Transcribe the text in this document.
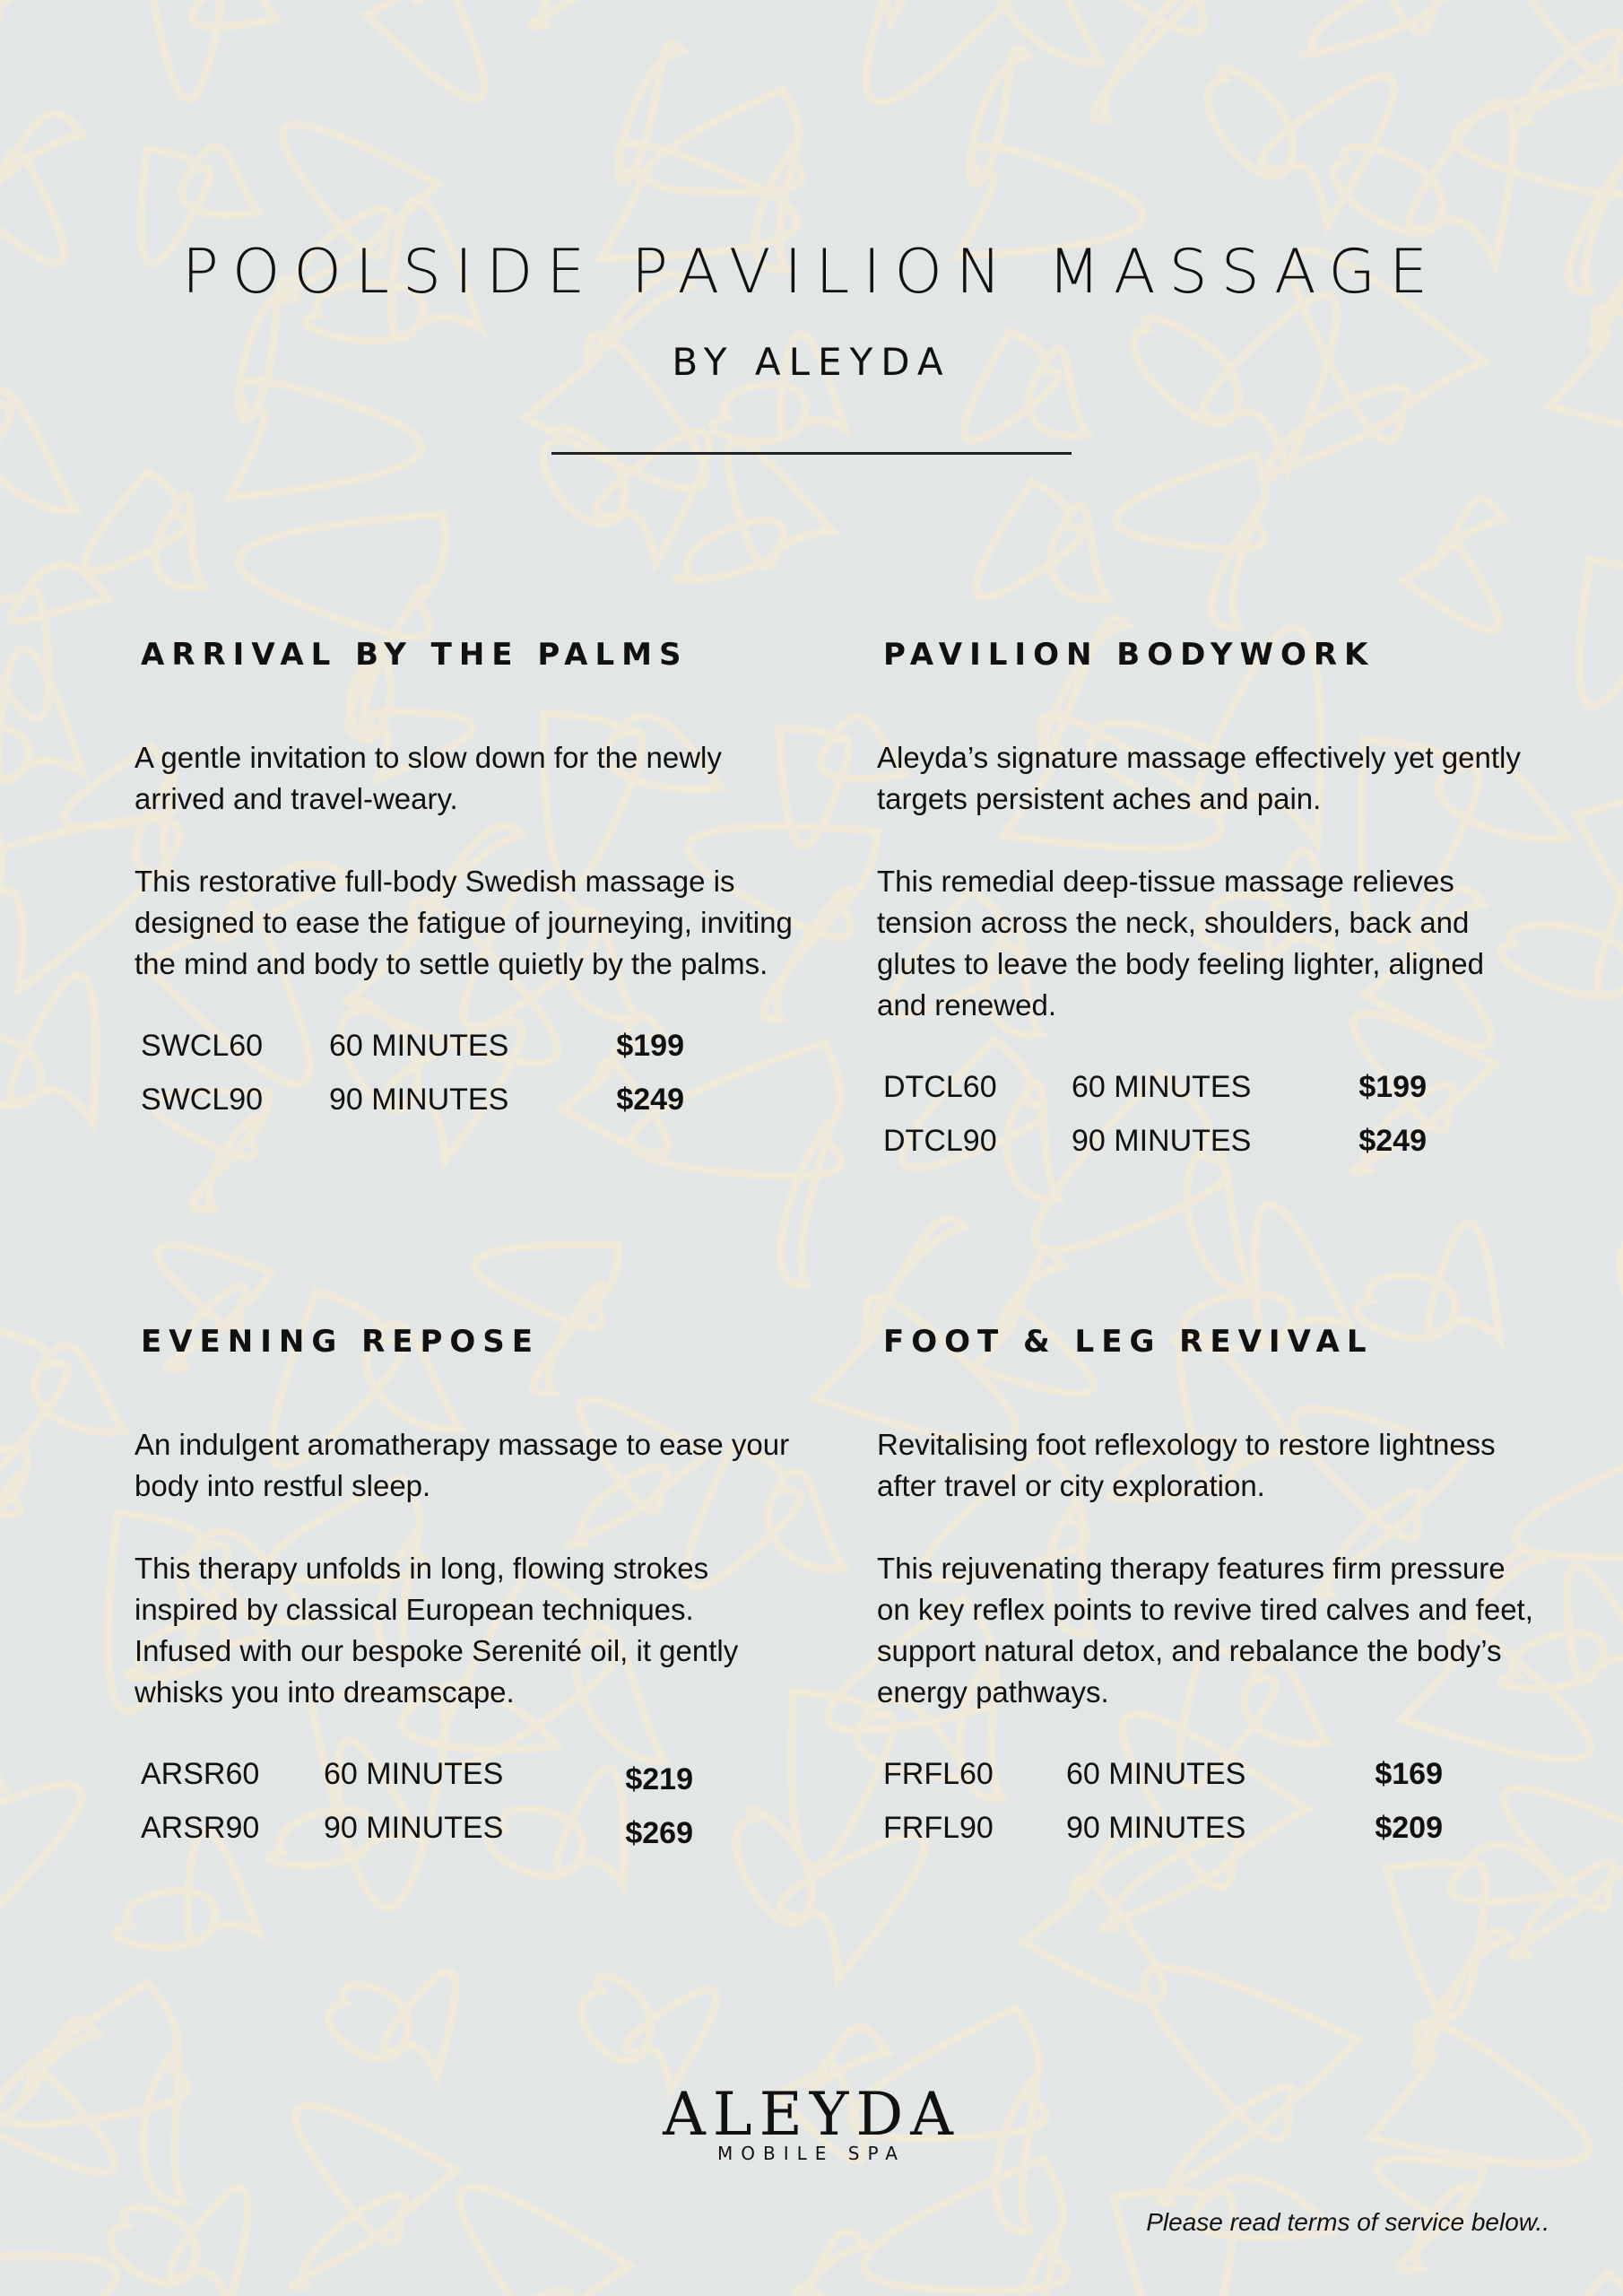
POOLSIDE PAVILION MASSAGE
BY ALEYDA
ARRIVAL BY THE PALMS

A gentle invitation to slow down for the newly arrived and travel-weary.

This restorative full-body Swedish massage is designed to ease the fatigue of journeying, inviting the mind and body to settle quietly by the palms.

SWCL60 60 MINUTES	$199
SWCL90 90 MINUTES	$249
PAVILION BODYWORK

Aleyda’s signature massage effectively yet gently targets persistent aches and pain.

This remedial deep-tissue massage relieves tension across the neck, shoulders, back and glutes to leave the body feeling lighter, aligned and renewed.

DTCL60 60 MINUTES	$199
DTCL90 90 MINUTES	$249
EVENING REPOSE

An indulgent aromatherapy massage to ease your body into restful sleep.

This therapy unfolds in long, flowing strokes inspired by classical European techniques. Infused with our bespoke Serenité oil, it gently whisks you into dreamscape.

ARSR60 60 MINUTES	$219
ARSR90 90 MINUTES	$269
FOOT & LEG REVIVAL

Revitalising foot reflexology to restore lightness after travel or city exploration.

This rejuvenating therapy features firm pressure on key reflex points to revive tired calves and feet, support natural detox, and rebalance the body’s energy pathways.

FRFL60 60 MINUTES	$169
FRFL90 90 MINUTES	$209
ALEYDA
MOBILE SPA
Please read terms of service below..
